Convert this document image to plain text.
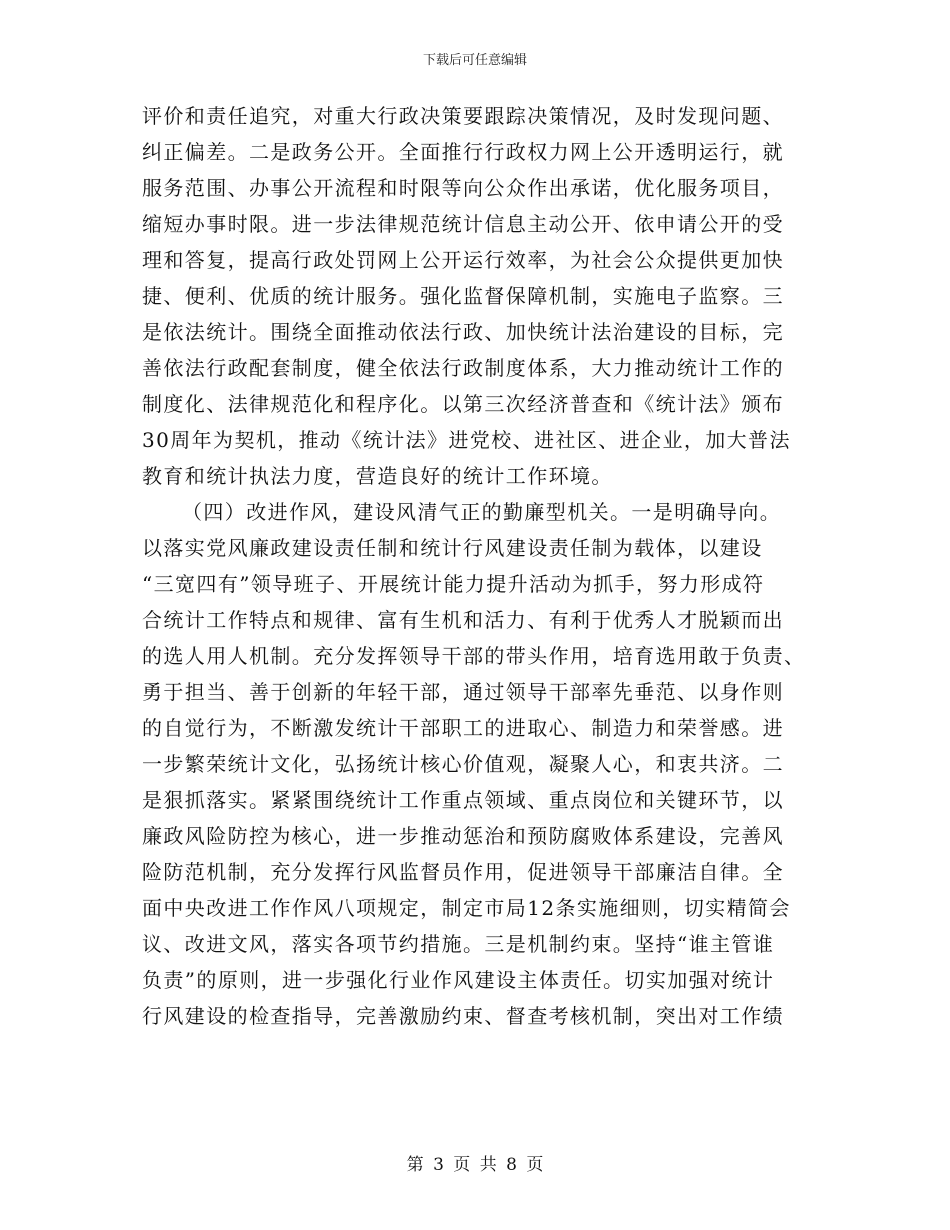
下载后可任意编辑
评价和责任追究，对重大行政决策要跟踪决策情况，及时发现问题、
纠正偏差。二是政务公开。全面推行行政权力网上公开透明运行，就
服务范围、办事公开流程和时限等向公众作出承诺，优化服务项目，
缩短办事时限。进一步法律规范统计信息主动公开、依申请公开的受
理和答复，提高行政处罚网上公开运行效率，为社会公众提供更加快
捷、便利、优质的统计服务。强化监督保障机制，实施电子监察。三
是依法统计。围绕全面推动依法行政、加快统计法治建设的目标，完
善依法行政配套制度，健全依法行政制度体系，大力推动统计工作的
制度化、法律规范化和程序化。以第三次经济普查和《统计法》颁布
30周年为契机，推动《统计法》进党校、进社区、进企业，加大普法
教育和统计执法力度，营造良好的统计工作环境。
（四）改进作风，建设风清气正的勤廉型机关。一是明确导向。
以落实党风廉政建设责任制和统计行风建设责任制为载体，以建设
“三宽四有”领导班子、开展统计能力提升活动为抓手，努力形成符
合统计工作特点和规律、富有生机和活力、有利于优秀人才脱颖而出
的选人用人机制。充分发挥领导干部的带头作用，培育选用敢于负责、
勇于担当、善于创新的年轻干部，通过领导干部率先垂范、以身作则
的自觉行为，不断激发统计干部职工的进取心、制造力和荣誉感。进
一步繁荣统计文化，弘扬统计核心价值观，凝聚人心，和衷共济。二
是狠抓落实。紧紧围绕统计工作重点领域、重点岗位和关键环节，以
廉政风险防控为核心，进一步推动惩治和预防腐败体系建设，完善风
险防范机制，充分发挥行风监督员作用，促进领导干部廉洁自律。全
面中央改进工作作风八项规定，制定市局12条实施细则，切实精简会
议、改进文风，落实各项节约措施。三是机制约束。坚持“谁主管谁
负责”的原则，进一步强化行业作风建设主体责任。切实加强对统计
行风建设的检查指导，完善激励约束、督查考核机制，突出对工作绩
第 3 页 共 8 页
